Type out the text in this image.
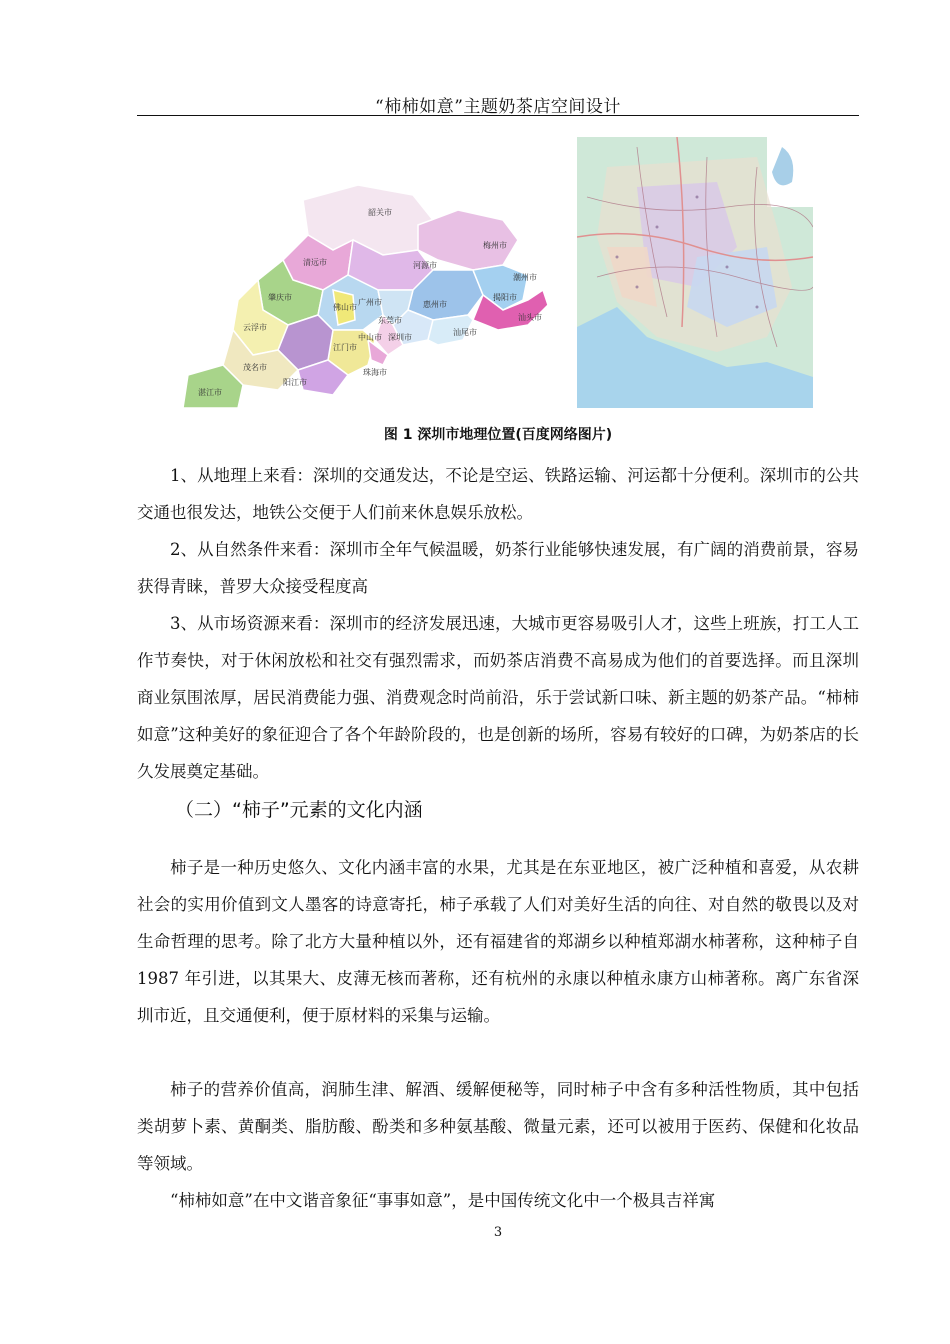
“柿柿如意”主题奶茶店空间设计
河源市
梅州市
潮州市
揭阳市
汕头市
肇庆市
广州市	惠州市
东莞市
深圳市
佛山市
江门市
珠海市
中山市
阳江市
茂名市
湛江市
云浮市
清远市
韶关市
汕尾市
图 1 深圳市地理位置(百度网络图片)

1、从地理上来看：深圳的交通发达，不论是空运、铁路运输、河运都十分便利。深圳市的公共交通也很发达，地铁公交便于人们前来休息娱乐放松。

2、从自然条件来看：深圳市全年气候温暖，奶茶行业能够快速发展，有广阔的消费前景，容易获得青睐，普罗大众接受程度高

3、从市场资源来看：深圳市的经济发展迅速，大城市更容易吸引人才，这些上班族，打工人工作节奏快，对于休闲放松和社交有强烈需求，而奶茶店消费不高易成为他们的首要选择。而且深圳商业氛围浓厚，居民消费能力强、消费观念时尚前沿，乐于尝试新口味、新主题的奶茶产品。“柿柿如意”这种美好的象征迎合了各个年龄阶段的，也是创新的场所，容易有较好的口碑，为奶茶店的长久发展奠定基础。

（二）“柿子”元素的文化内涵

柿子是一种历史悠久、文化内涵丰富的水果，尤其是在东亚地区，被广泛种植和喜爱，从农耕社会的实用价值到文人墨客的诗意寄托，柿子承载了人们对美好生活的向往、对自然的敬畏以及对生命哲理的思考。除了北方大量种植以外，还有福建省的郑湖乡以种植郑湖水柿著称，这种柿子自 1987 年引进，以其果大、皮薄无核而著称，还有杭州的永康以种植永康方山柿著称。离广东省深圳市近，且交通便利，便于原材料的采集与运输。

柿子的营养价值高，润肺生津、解酒、缓解便秘等，同时柿子中含有多种活性物质，其中包括类胡萝卜素、黄酮类、脂肪酸、酚类和多种氨基酸、微量元素，还可以被用于医药、保健和化妆品等领域。

“柿柿如意”在中文谐音象征“事事如意”，是中国传统文化中一个极具吉祥寓

3
